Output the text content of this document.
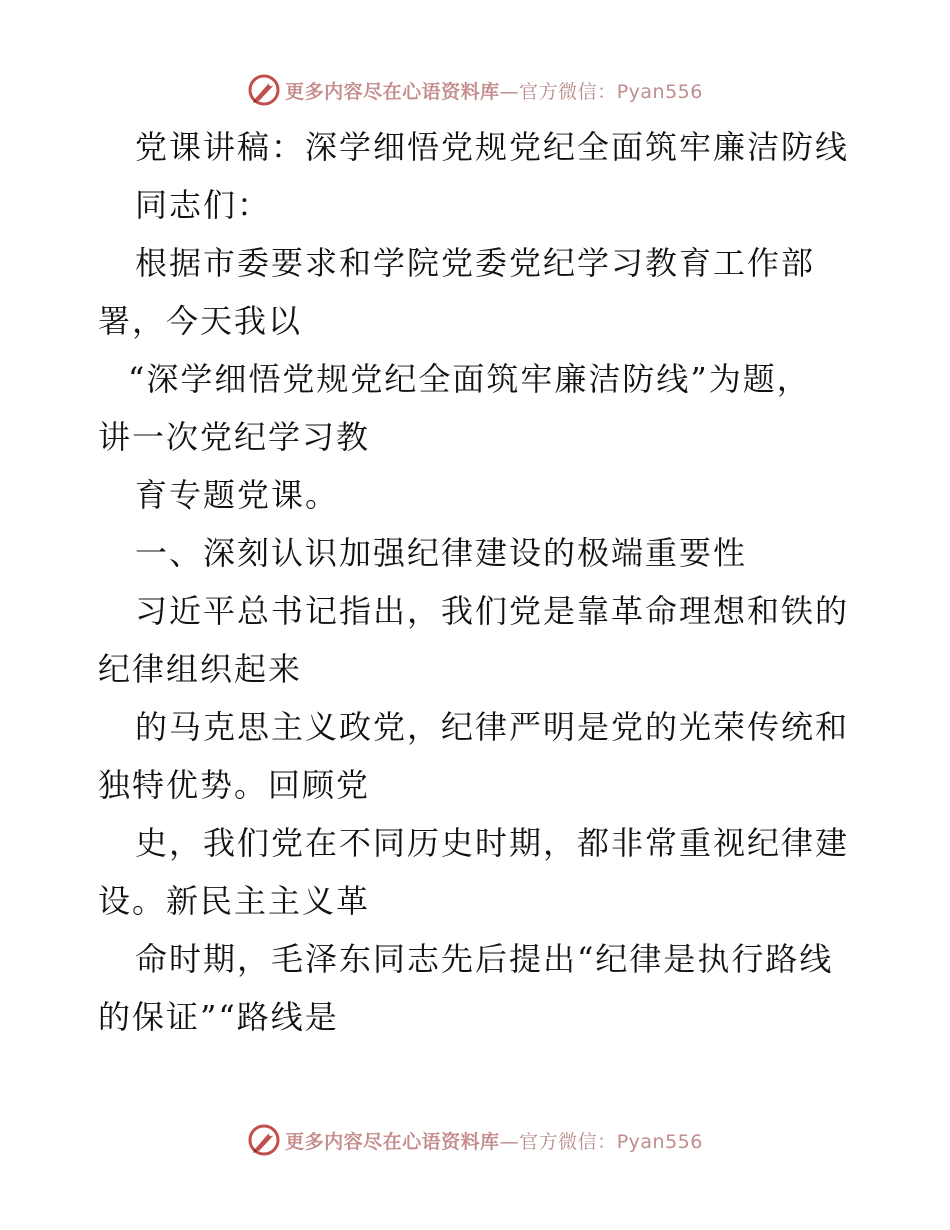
更多内容尽在心语资料库—官方微信：Pyan556
党课讲稿：深学细悟党规党纪全面筑牢廉洁防线
同志们：
根据市委要求和学院党委党纪学习教育工作部
署，今天我以
“深学细悟党规党纪全面筑牢廉洁防线”为题，
讲一次党纪学习教
育专题党课。
一、深刻认识加强纪律建设的极端重要性
习近平总书记指出，我们党是靠革命理想和铁的
纪律组织起来
的马克思主义政党，纪律严明是党的光荣传统和
独特优势。回顾党
史，我们党在不同历史时期，都非常重视纪律建
设。新民主主义革
命时期，毛泽东同志先后提出“纪律是执行路线
的保证”“路线是
更多内容尽在心语资料库—官方微信：Pyan556
